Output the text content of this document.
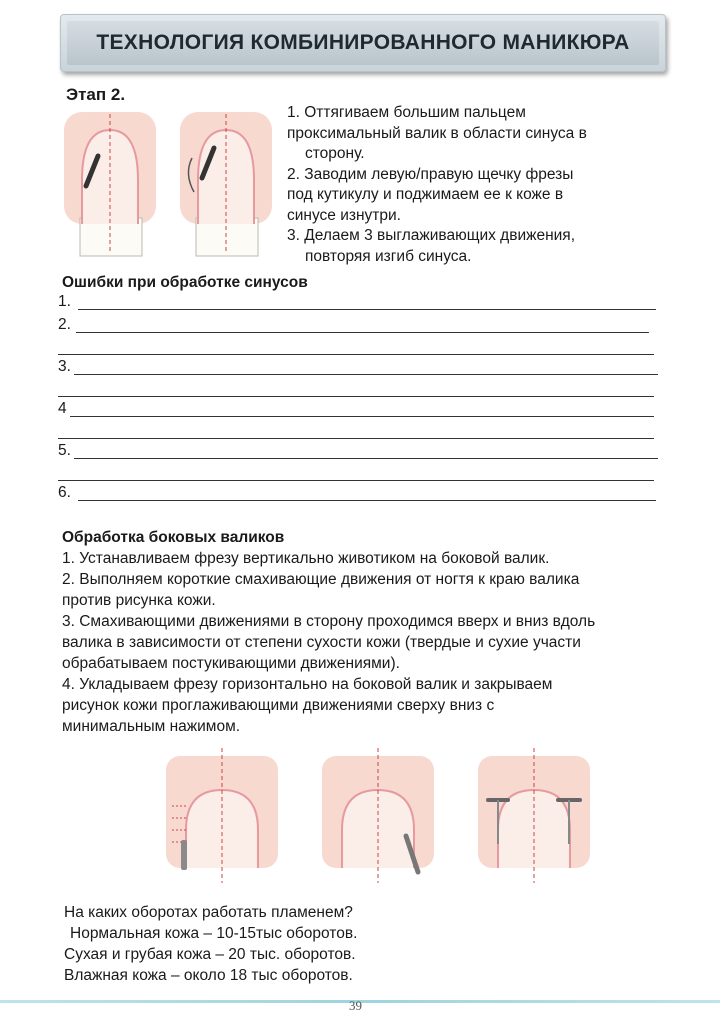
ТЕХНОЛОГИЯ КОМБИНИРОВАННОГО МАНИКЮРА
Этап 2.
1. Оттягиваем большим пальцем
проксимальный валик в области синуса в
сторону.
2. Заводим левую/правую щечку фрезы
под кутикулу и поджимаем ее к коже в
синусе изнутри.
3. Делаем 3 выглаживающих движения,
повторяя изгиб синуса.
Ошибки при обработке синусов
1.
2.
3.
4
5.
6.
Обработка боковых валиков
1. Устанавливаем фрезу вертикально животиком на боковой валик.
2. Выполняем короткие смахивающие движения от ногтя к краю валика
против рисунка кожи.
3. Смахивающими движениями в сторону проходимся вверх и вниз вдоль
валика в зависимости от степени сухости кожи (твердые и сухие участи
обрабатываем постукивающими движениями).
4. Укладываем фрезу горизонтально на боковой валик и закрываем
рисунок кожи проглаживающими движениями сверху вниз с
минимальным нажимом.
На каких оборотах работать пламенем?
Нормальная кожа – 10-15тыс оборотов.
Сухая и грубая кожа – 20 тыс. оборотов.
Влажная кожа – около 18 тыс оборотов.
39
